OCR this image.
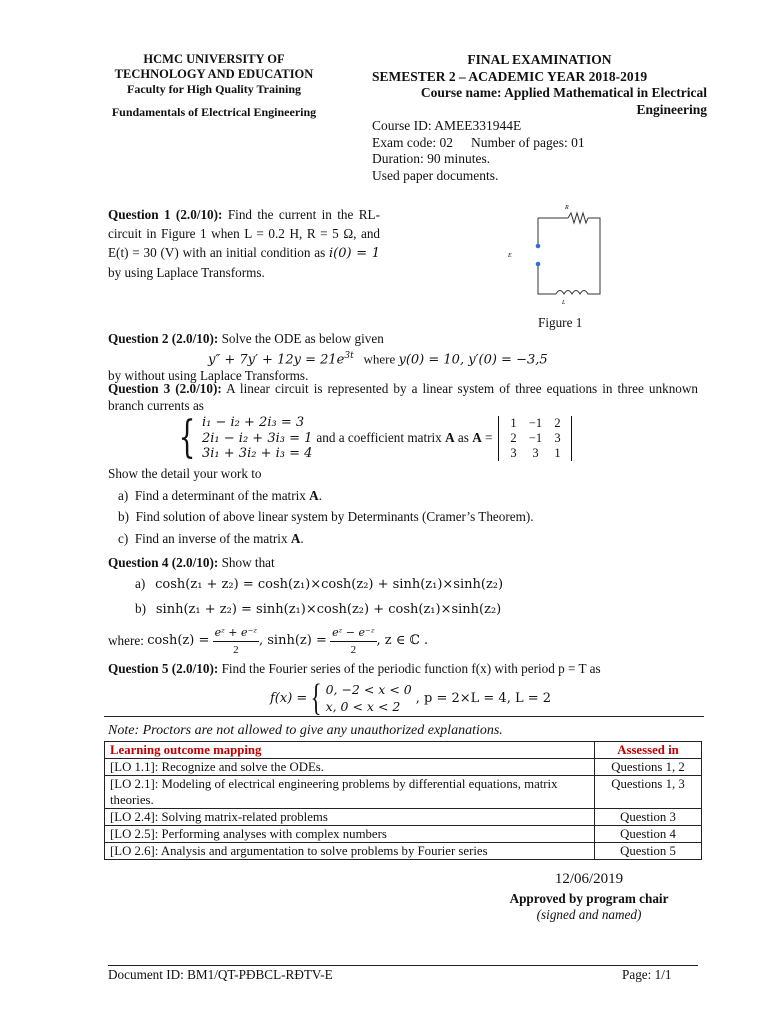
HCMC UNIVERSITY OF
TECHNOLOGY AND EDUCATION
Faculty for High Quality Training
Fundamentals of Electrical Engineering
FINAL EXAMINATION
SEMESTER 2 – ACADEMIC YEAR 2018-2019
Course name: Applied Mathematical in Electrical Engineering
Course ID: AMEE331944E
Exam code: 02 Number of pages: 01
Duration: 90 minutes.
Used paper documents.
Question 1 (2.0/10): Find the current in the RL-circuit in Figure 1 when L = 0.2 H, R = 5 Ω, and E(t) = 30 (V) with an initial condition as i(0) = 1 by using Laplace Transforms.
R
E
L
Figure 1
Question 2 (2.0/10): Solve the ODE as below given
$y'' + 7y' + 12y = 21e^{3t}$ where y(0) = 10, y′(0) = −3,5
by without using Laplace Transforms.
Question 3 (2.0/10): A linear circuit is represented by a linear system of three equations in three unknown branch currents as
{ i₁ − i₂ + 2i₃ = 3
2i₁ − i₂ + 3i₃ = 1
3i₁ + 3i₂ + i₃ = 4
and a coefficient matrix A as A =
1 −1 2
2 −1 3
3	3	1
Show the detail your work to
a) Find a determinant of the matrix A.
b) Find solution of above linear system by Determinants (Cramer’s Theorem).
c) Find an inverse of the matrix A.
Question 4 (2.0/10): Show that
a) cosh(z₁ + z₂) = cosh(z₁)×cosh(z₂) + sinh(z₁)×sinh(z₂)
b) sinh(z₁ + z₂) = sinh(z₁)×cosh(z₂) + cosh(z₁)×sinh(z₂)
where:
cosh(z) =
$\frac{\text{eᶻ + e⁻ᶻ}}{2}$ , sinh(z) =
$\frac{\text{eᶻ − e⁻ᶻ}}{2}$ , z ∈ ℂ .
Question 5 (2.0/10): Find the Fourier series of the periodic function f(x) with period p = T as
f(x) = { 0, −2 < x < 0
x, 0 < x < 2
, p = 2×L = 4, L = 2
Note: Proctors are not allowed to give any unauthorized explanations.
Learning outcome mapping	Assessed in
[LO 1.1]: Recognize and solve the ODEs.	Questions 1, 2
[LO 2.1]: Modeling of electrical engineering problems by differential equations, matrix theories.	Questions 1, 3
[LO 2.4]: Solving matrix-related problems	Question 3
[LO 2.5]: Performing analyses with complex numbers	Question 4
[LO 2.6]: Analysis and argumentation to solve problems by Fourier series	Question 5
12/06/2019
Approved by program chair
(signed and named)
Document ID: BM1/QT-PĐBCL-RĐTV-E	Page: 1/1
